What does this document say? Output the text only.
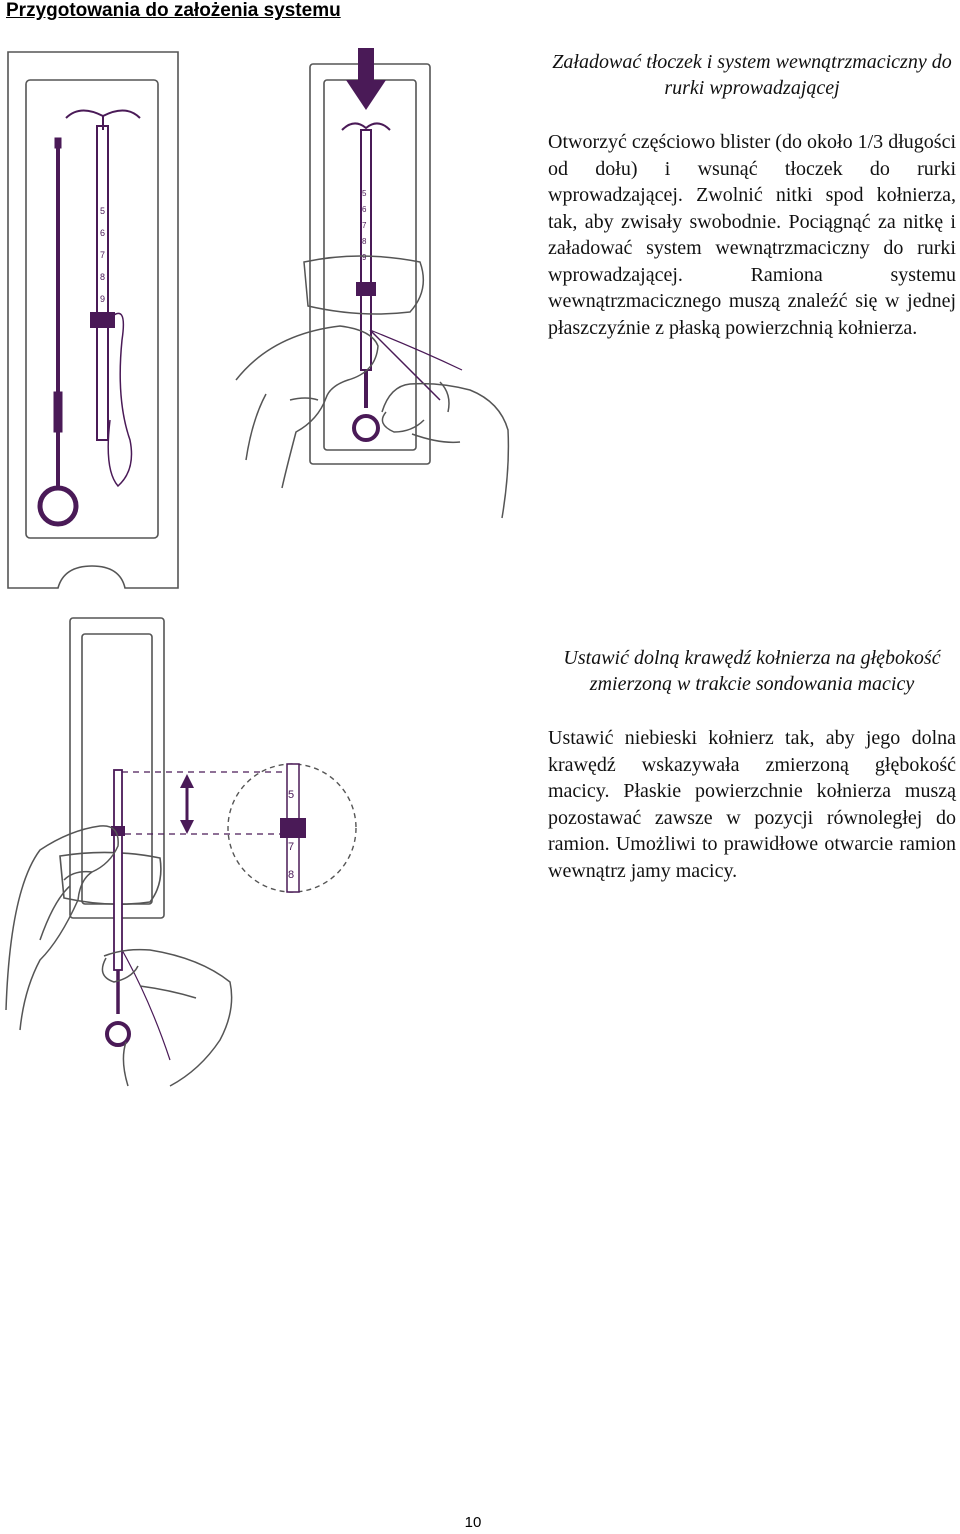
Przygotowania do założenia systemu
5
6
7
8
9
5
6
7
8
9
5
7
8
Załadować tłoczek i system wewnątrzmaciczny do rurki wprowadzającej
Otworzyć częściowo blister (do około 1/3 długości od dołu) i wsunąć tłoczek do rurki wprowadzającej. Zwolnić nitki spod kołnierza, tak, aby zwisały swobodnie. Pociągnąć za nitkę i załadować system wewnątrzmaciczny do rurki wprowadzającej. Ramiona systemu wewnątrzmacicznego muszą znaleźć się w jednej płaszczyźnie z płaską powierzchnią kołnierza.
Ustawić dolną krawędź kołnierza na głębokość zmierzoną w trakcie sondowania macicy
Ustawić niebieski kołnierz tak, aby jego dolna krawędź wskazywała zmierzoną głębokość macicy. Płaskie powierzchnie kołnierza muszą pozostawać zawsze w pozycji równoległej do ramion. Umożliwi to prawidłowe otwarcie ramion wewnątrz jamy macicy.
10
